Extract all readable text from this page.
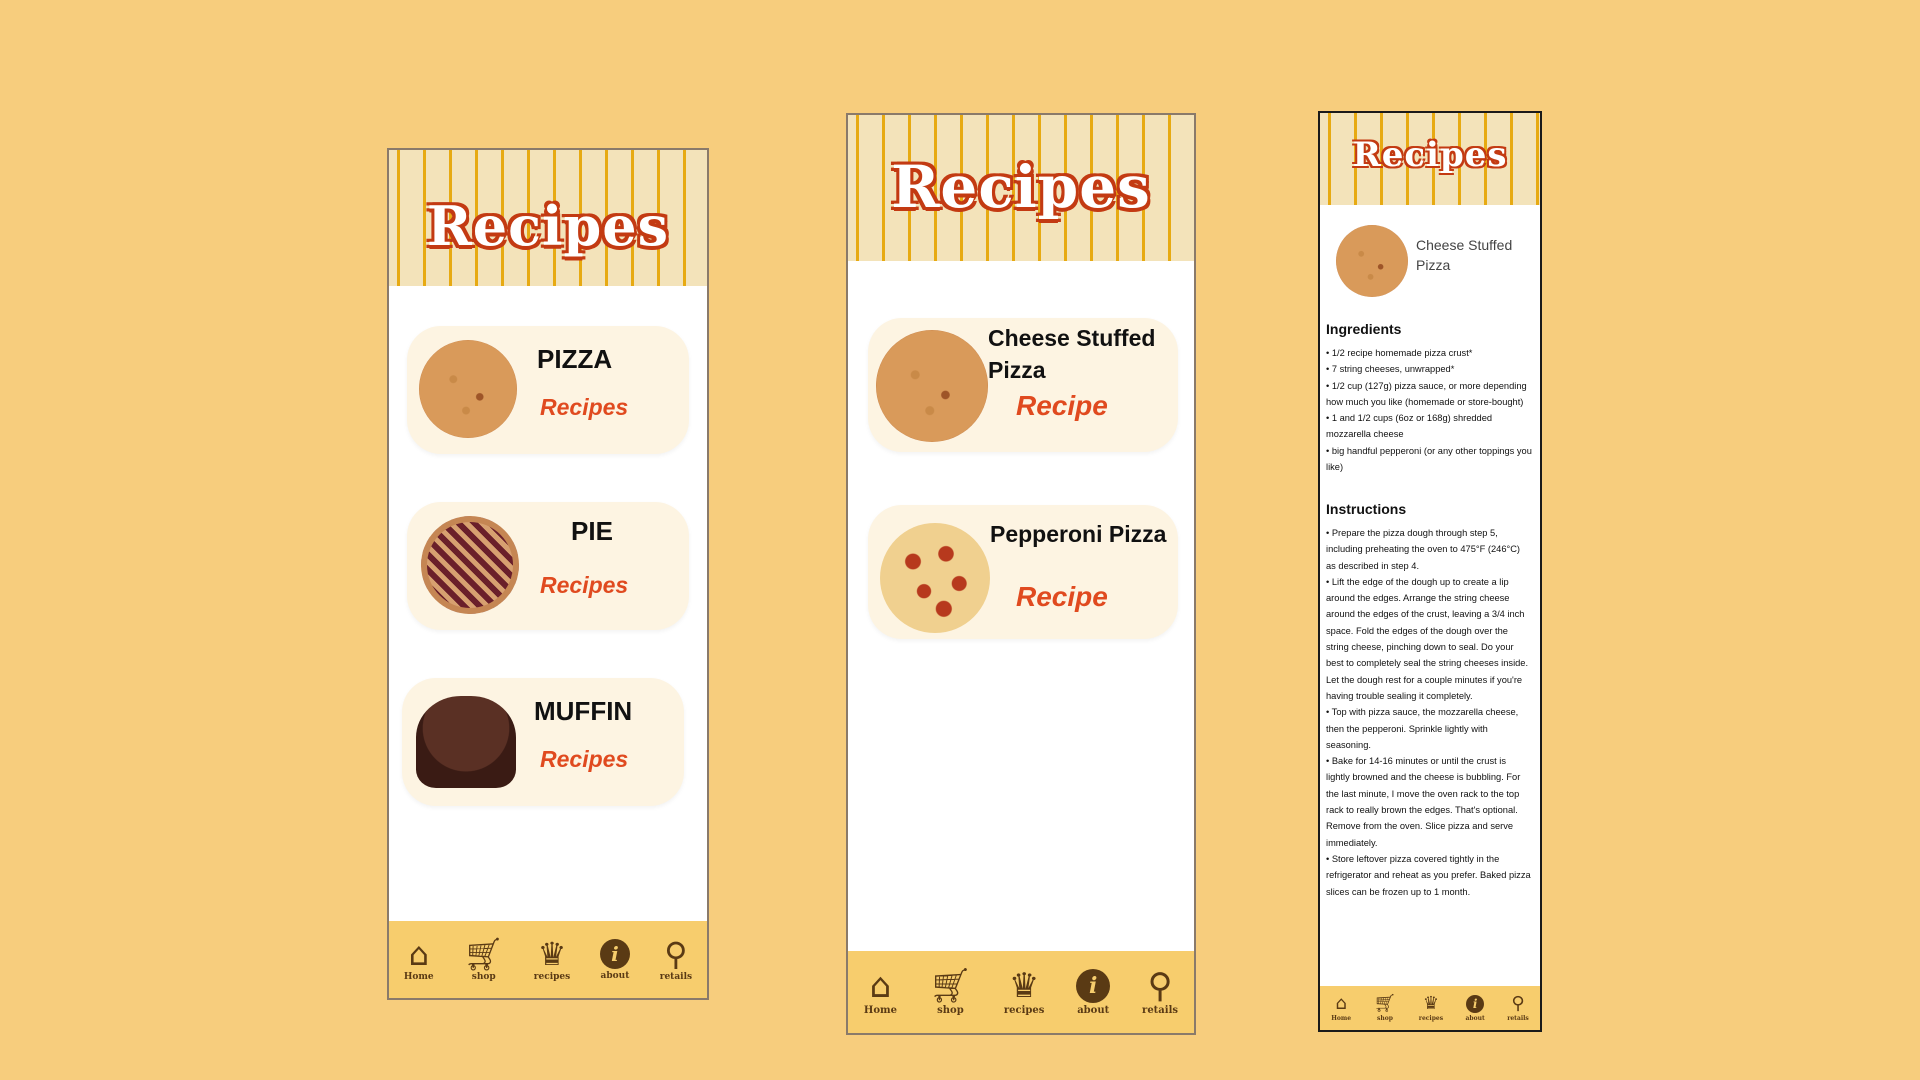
Recipes
PIZZA
Recipes
PIE
Recipes
MUFFIN
Recipes
⌂
Home
🛒︎
shop
♛
recipes
i
about
⚲
retails
Recipes
Cheese Stuffed Pizza
Recipe
Pepperoni Pizza
Recipe
⌂
Home
🛒︎
shop
♛
recipes
i
about
⚲
retails
Recipes
Cheese Stuffed Pizza
Ingredients
• 1/2 recipe homemade pizza crust*
• 7 string cheeses, unwrapped*
• 1/2 cup (127g) pizza sauce, or more depending how much you like (homemade or store-bought)
• 1 and 1/2 cups (6oz or 168g) shredded mozzarella cheese
• big handful pepperoni (or any other toppings you like)
Instructions
• Prepare the pizza dough through step 5, including preheating the oven to 475°F (246°C) as described in step 4.
• Lift the edge of the dough up to create a lip around the edges. Arrange the string cheese around the edges of the crust, leaving a 3/4 inch space. Fold the edges of the dough over the string cheese, pinching down to seal. Do your best to completely seal the string cheeses inside. Let the dough rest for a couple minutes if you're having trouble sealing it completely.
• Top with pizza sauce, the mozzarella cheese, then the pepperoni. Sprinkle lightly with seasoning.
• Bake for 14-16 minutes or until the crust is lightly browned and the cheese is bubbling. For the last minute, I move the oven rack to the top rack to really brown the edges. That's optional. Remove from the oven. Slice pizza and serve immediately.
• Store leftover pizza covered tightly in the refrigerator and reheat as you prefer. Baked pizza slices can be frozen up to 1 month.
⌂
Home
🛒︎
shop
♛
recipes
i
about
⚲
retails
